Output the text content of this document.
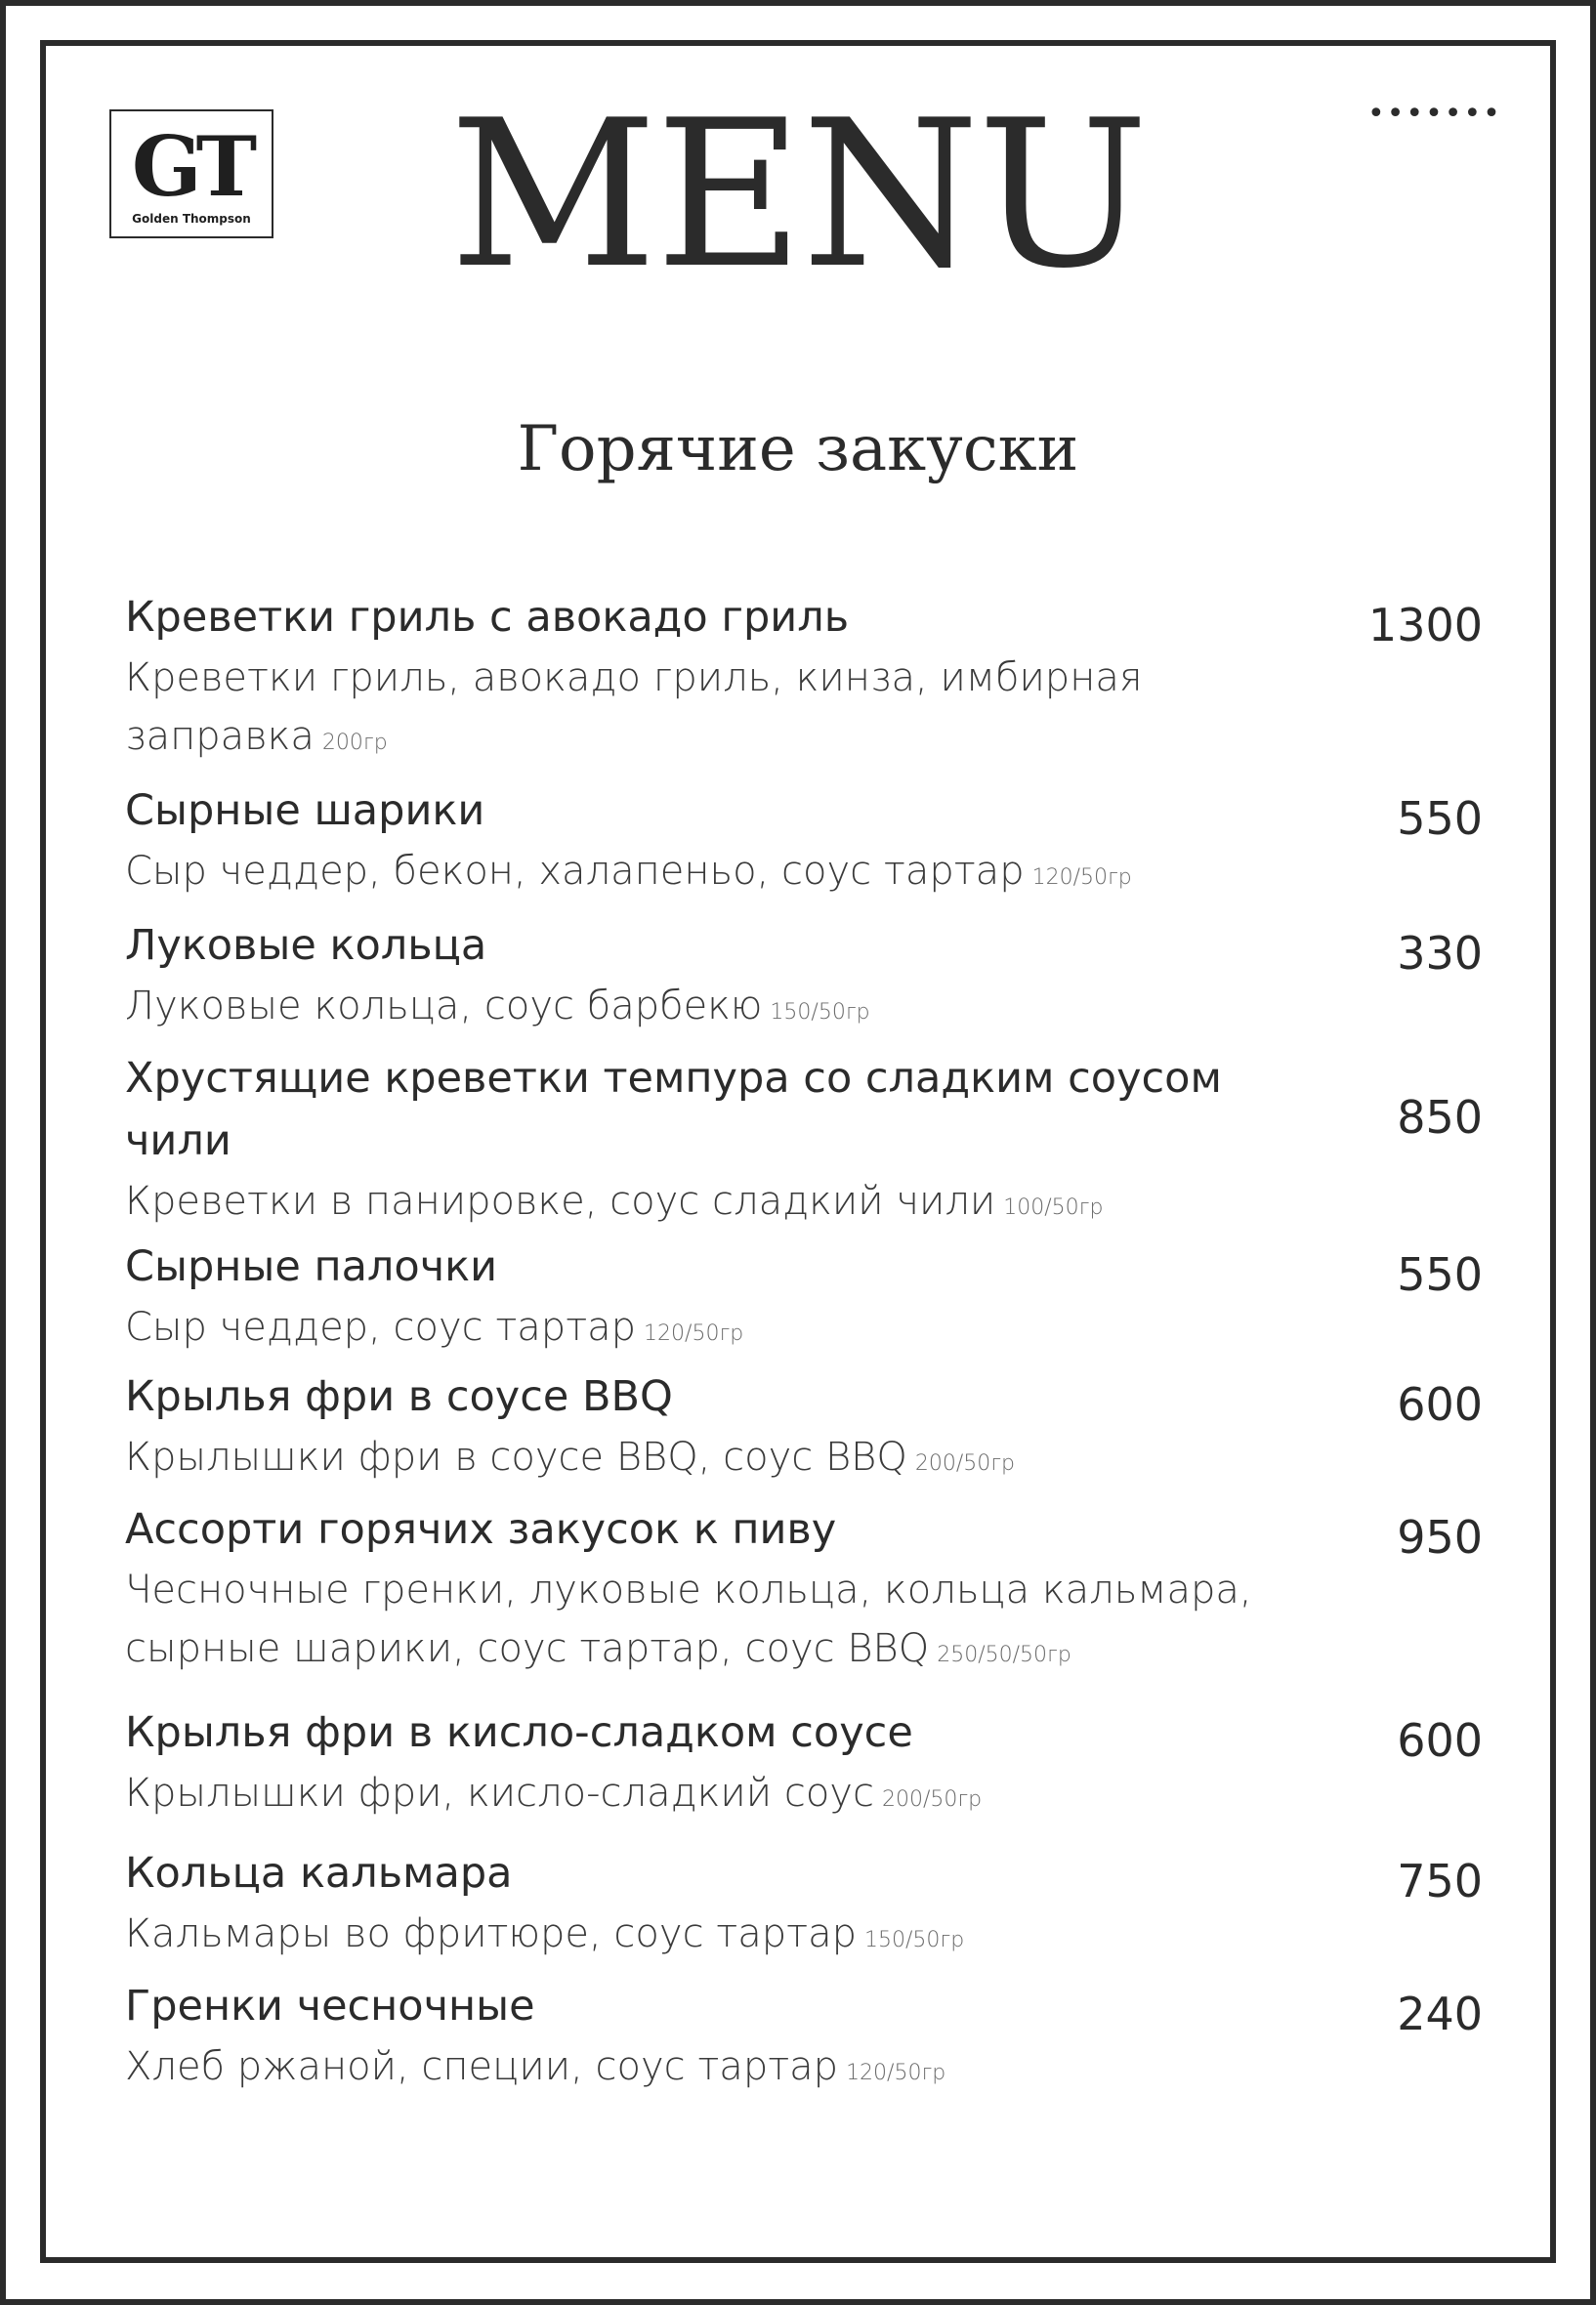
GT
Golden Thompson
•••••••
MENU
Горячие закуски
Креветки гриль с авокадо гриль
Креветки гриль, авокадо гриль, кинза, имбирная заправка 200гр
1300
Сырные шарики
Сыр чеддер, бекон, халапеньо, соус тартар 120/50гр
550
Луковые кольца
Луковые кольца, соус барбекю 150/50гр
330
Хрустящие креветки темпура со сладким соусом чили
Креветки в панировке, соус сладкий чили 100/50гр
850
Сырные палочки
Сыр чеддер, соус тартар 120/50гр
550
Крылья фри в соусе BBQ
Крылышки фри в соусе BBQ, соус BBQ 200/50гр
600
Ассорти горячих закусок к пиву
Чесночные гренки, луковые кольца, кольца кальмара, сырные шарики, соус тартар, соус BBQ 250/50/50гр
950
Крылья фри в кисло-сладком соусе
Крылышки фри, кисло-сладкий соус 200/50гр
600
Кольца кальмара
Кальмары во фритюре, соус тартар 150/50гр
750
Гренки чесночные
Хлеб ржаной, специи, соус тартар 120/50гр
240
